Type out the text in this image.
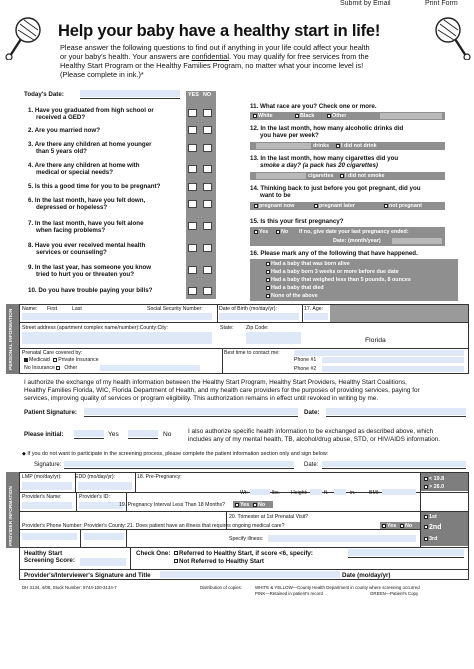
Submit by Email	Print Form
Help your baby have a healthy start in life!
Please answer the following questions to find out if anything in your life could affect your health
or your baby's health. Your answers are confidential. You may qualify for free services from the
Healthy Start Program or the Healthy Families Program, no matter what your income level is!
(Please complete in ink.)*
Today's Date:	YES NO
1. Have you graduated from high school or
received a GED?
2. Are you married now?
3. Are there any children at home younger
than 5 years old?
4. Are there any children at home with
medical or special needs?
5. Is this a good time for you to be pregnant?
6. In the last month, have you felt down,
depressed or hopeless?
7. In the last month, have you felt alone
when facing problems?
8. Have you ever received mental health
services or counseling?
9. In the last year, has someone you know
tried to hurt you or threaten you?
10. Do you have trouble paying your bills?
11. What race are you? Check one or more.
White	Black	Other
12. In the last month, how many alcoholic drinks did
you have per week?
drinks	I did not drink
13. In the last month, how many cigarettes did you
smoke a day? (a pack has 20 cigarettes)
cigarettes	I did not smoke
14. Thinking back to just before you got pregnant, did you
want to be
pregnant now	pregnant later	not pregnant
15. Is this your first pregnancy?
Yes	No If no, give date your last pregnancy ended:
Date: (month/year)
16. Please mark any of the following that have happened.
Had a baby that was born alive
Had a baby born 3 weeks or more before due date
Had a baby that weighed less than 5 pounds, 8 ounces
Had a baby that died
None of the above
PERSONAL INFORMATION Name: First	Last	Social Security Number:	Date of Birth (mo/day/yr):	17. Age:
Street address (apartment complex name/number):County:City:	State: Zip Code:
Florida
Prenatal Care covered by:
Medicaid Private Insurance
No Insurance Other
Best time to contact me:
Phone #1
Phone #2
I authorize the exchange of my health information between the Healthy Start Program, Healthy Start Providers, Healthy Start Coalitions,
Healthy Families Florida, WIC, Florida Department of Health, and my health care providers for the purposes of providing services, paying for
services, improving quality of services or program eligibility. This authorization remains in effect until revoked in writing by me.
Patient Signature:	Date:
Please initial:	Yes	No	I also authorize specific health information to be exchanged as described above, which
includes any of my mental health, TB, alcohol/drug abuse, STD, or HIV/AIDS information.
◆ If you do not want to participate in the screening process, please complete the patient information section only and sign below:
Signature:	Date:
PROVIDER INFORMATION
LMP (mo/day/yr):	EDD (mo/day/yr):	18. Pre-Pregnancy:
Wt:	lbs. Height:	ft.	in.	BMI:
< 19.8
> 26.0
Provider's Name:	Provider's ID:
19. Pregnancy Interval Less Than 18 Months?	Yes	No
20. Trimester at 1st Prenatal Visit?	1st
2nd
3rd
Provider's Phone Number: Provider's County: 21. Does patient have an illness that requires ongoing medical care?
Specify illness:
Yes	No
Healthy Start
Screening Score:
Check One:	Referred to Healthy Start, if score <6, specify:
Not Referred to Healthy Start
Provider's/Interviewer's Signature and Title	Date (mo/day/yr)
DH 3134, 4/08, Stock Number: 5744-100-3134-7	Distribution of copies:	WHITE & YELLOW—County Health Department in county where screening occurred
PINK—Retained in patient's record	GREEN—Patient's Copy
